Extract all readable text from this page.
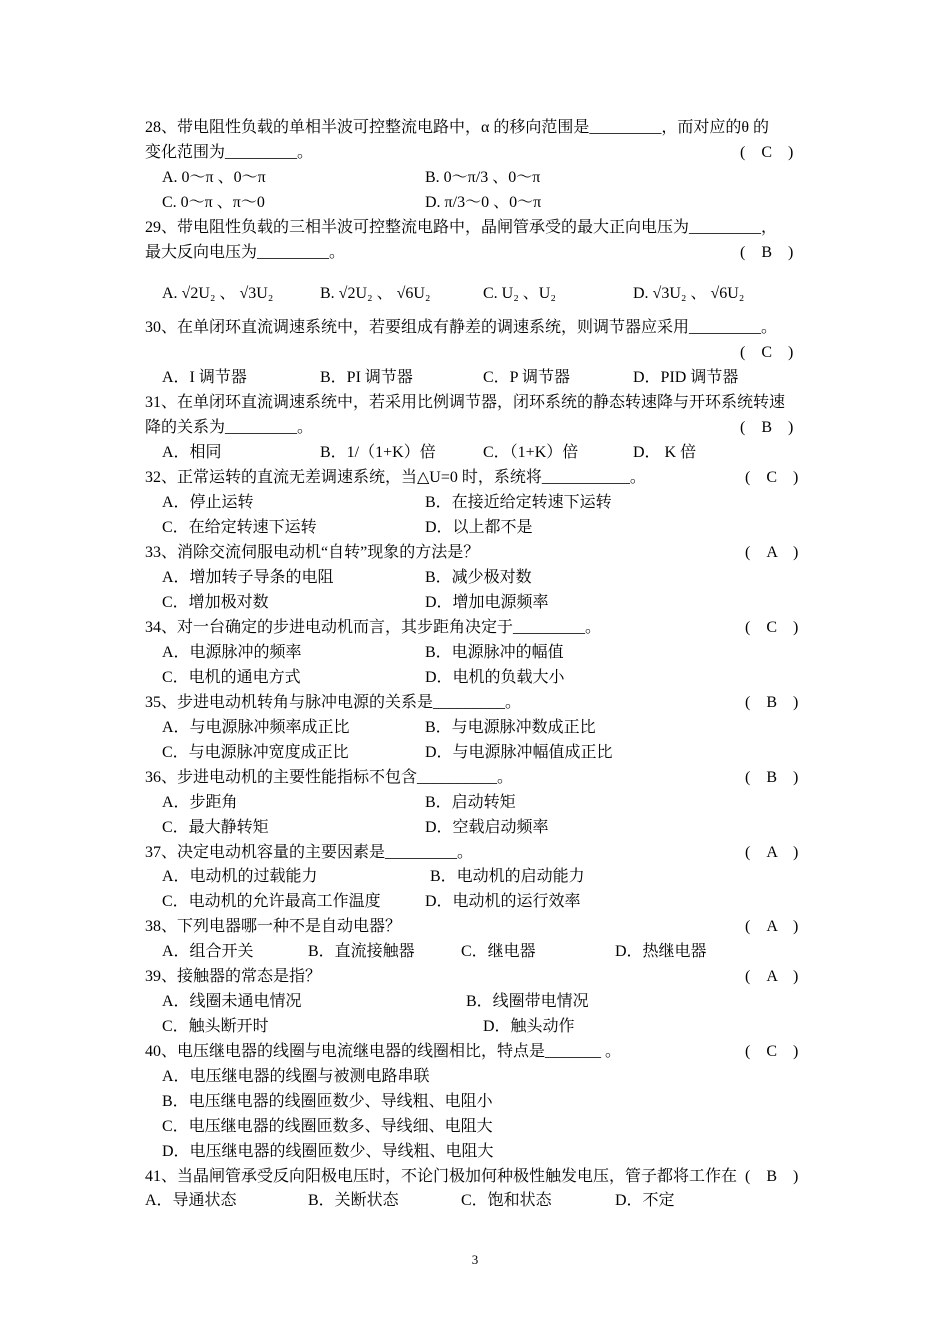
28、带电阻性负载的单相半波可控整流电路中，α 的移向范围是_________，而对应的θ 的
变化范围为_________。	(　C　)
A. 0～π 、0～π	B. 0～π/3 、0～π
C. 0～π 、π～0	D. π/3～0 、0～π
29、带电阻性负载的三相半波可控整流电路中，晶闸管承受的最大正向电压为_________，
最大反向电压为_________。	(　B　)
A. √2U₂ 、 √3U₂	B. √2U₂ 、 √6U₂	C. U₂ 、U₂	D. √3U₂ 、 √6U₂
30、在单闭环直流调速系统中，若要组成有静差的调速系统，则调节器应采用_________。
(　C　)
A．I 调节器	B．PI 调节器	C．P 调节器	D．PID 调节器
31、在单闭环直流调速系统中，若采用比例调节器，闭环系统的静态转速降与开环系统转速
降的关系为_________。	(　B　)
A．相同	B．1/（1+K）倍	C．（1+K）倍	D． K 倍
32、正常运转的直流无差调速系统，当△U=0 时，系统将___________。	(　C　)
A．停止运转	B．在接近给定转速下运转
C．在给定转速下运转	D．以上都不是
33、消除交流伺服电动机“自转”现象的方法是？	(　A　)
A．增加转子导条的电阻	B．减少极对数
C．增加极对数	D．增加电源频率
34、对一台确定的步进电动机而言，其步距角决定于_________。	(　C　)
A．电源脉冲的频率	B．电源脉冲的幅值
C．电机的通电方式	D．电机的负载大小
35、步进电动机转角与脉冲电源的关系是_________。	(　B　)
A．与电源脉冲频率成正比	B．与电源脉冲数成正比
C．与电源脉冲宽度成正比	D．与电源脉冲幅值成正比
36、步进电动机的主要性能指标不包含__________。	(　B　)
A．步距角	B．启动转矩
C．最大静转矩	D．空载启动频率
37、决定电动机容量的主要因素是_________。	(　A　)
A．电动机的过载能力	B．电动机的启动能力
C．电动机的允许最高工作温度	D．电动机的运行效率
38、下列电器哪一种不是自动电器？	(　A　)
A．组合开关	B．直流接触器	C．继电器	D．热继电器
39、接触器的常态是指？	(　A　)
A．线圈未通电情况	B．线圈带电情况
C．触头断开时	D．触头动作
40、电压继电器的线圈与电流继电器的线圈相比，特点是_______ 。	(　C　)
A．电压继电器的线圈与被测电路串联
B．电压继电器的线圈匝数少、导线粗、电阻小
C．电压继电器的线圈匝数多、导线细、电阻大
D．电压继电器的线圈匝数少、导线粗、电阻大
41、当晶闸管承受反向阳极电压时，不论门极加何种极性触发电压，管子都将工作在 (　B　)
A．导通状态	B．关断状态	C．饱和状态	D．不定
3
